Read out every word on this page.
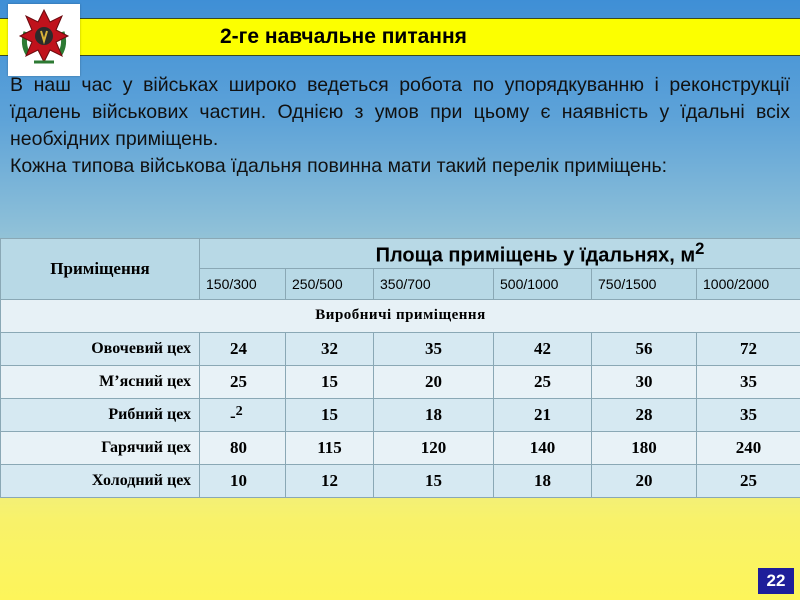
2-ге навчальне питання

В наш час у військах широко ведеться робота по упорядкуванню і реконструкції їдалень військових частин. Однією з умов при цьому є наявність у їдальні всіх необхідних приміщень.

Кожна типова військова їдальня повинна мати такий перелік приміщень:

Приміщення	Площа приміщень у їдальнях, $м^2$
	150/300	250/500	350/700	500/1000	750/1500	1000/2000
Виробничі приміщення						
Овочевий цех	24	32	35	42	56	72
М’ясний цех	25	15	20	25	30	35
Рибний цех	-$^2$	15	18	21	28	35
Гарячий цех	80	115	120	140	180	240
Холодний цех	10	12	15	18	20	25
22
